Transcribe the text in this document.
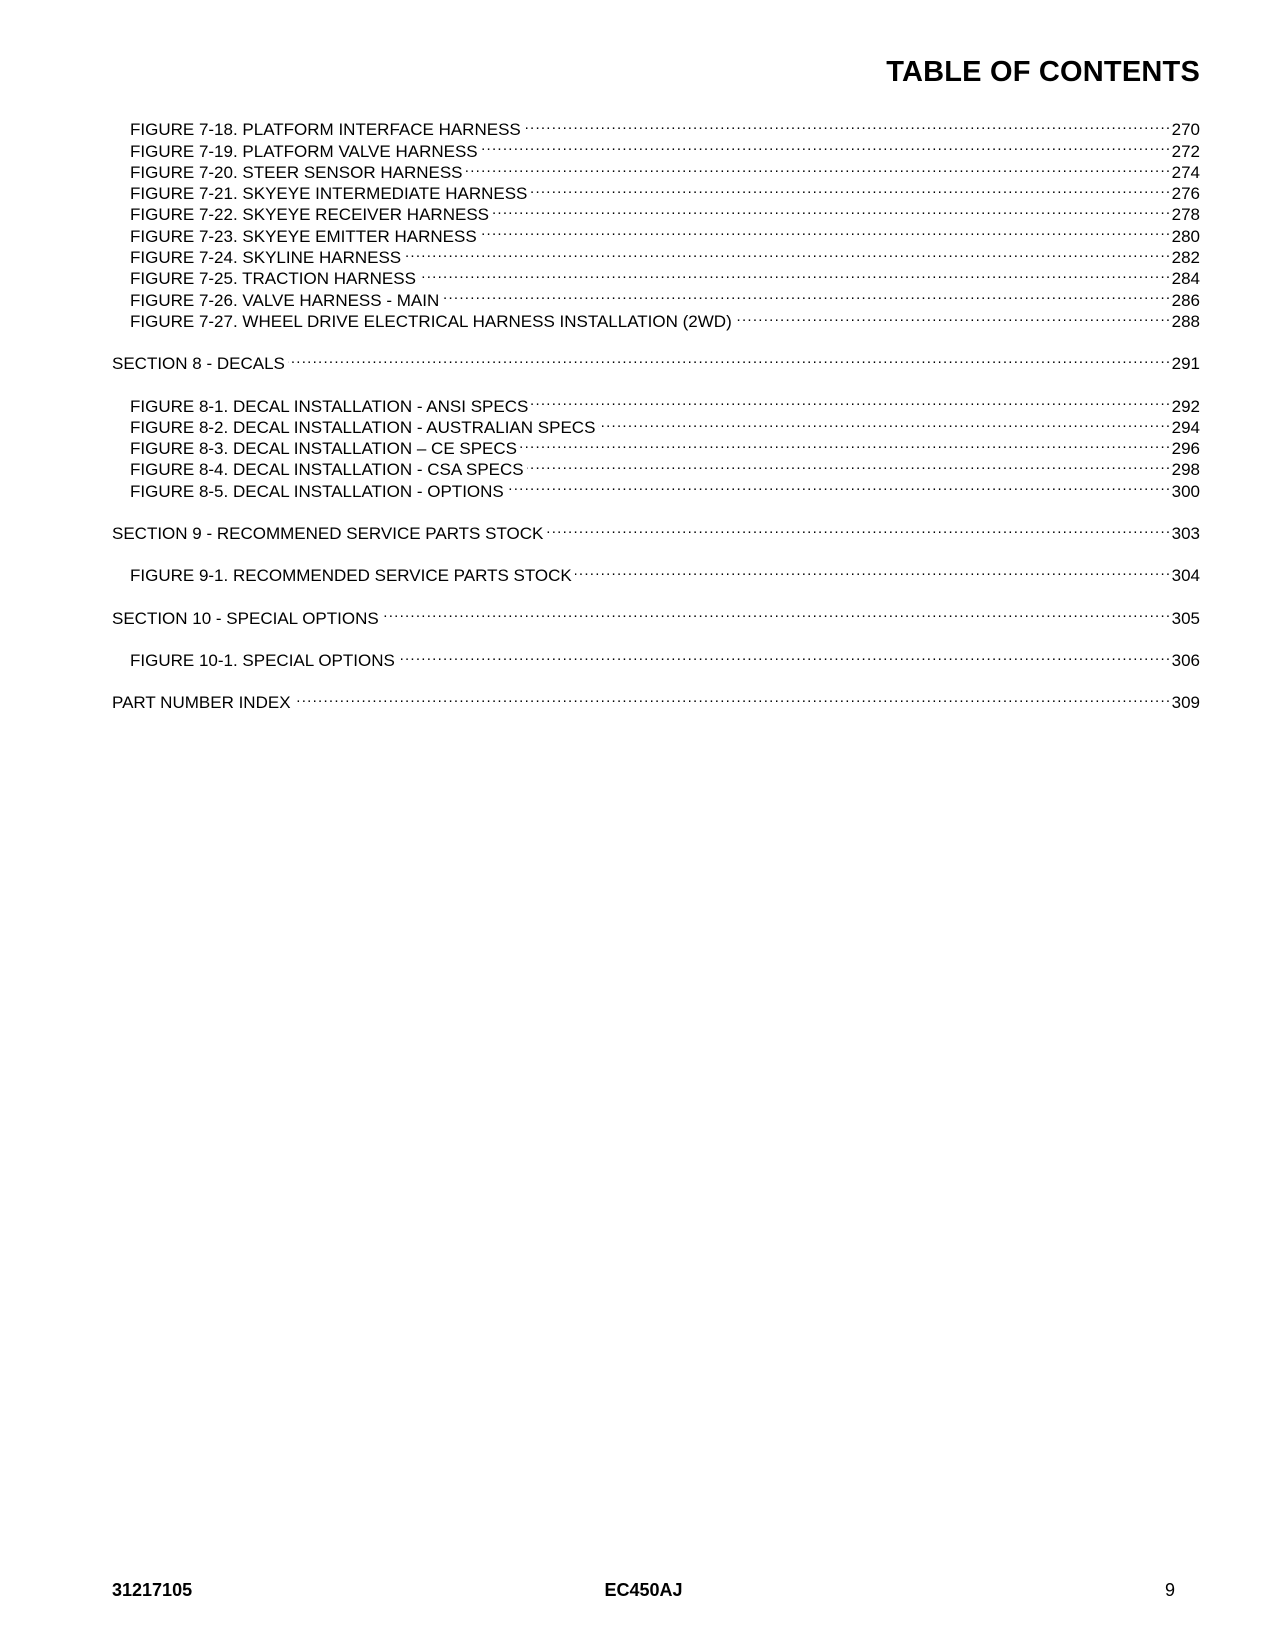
TABLE OF CONTENTS
FIGURE 7-18. PLATFORM INTERFACE HARNESS . . .	270
FIGURE 7-19. PLATFORM VALVE HARNESS . . .	272
FIGURE 7-20. STEER SENSOR HARNESS . . .	274
FIGURE 7-21. SKYEYE INTERMEDIATE HARNESS . . .	276
FIGURE 7-22. SKYEYE RECEIVER HARNESS . . .	278
FIGURE 7-23. SKYEYE EMITTER HARNESS . . .	280
FIGURE 7-24. SKYLINE HARNESS . . .	282
FIGURE 7-25. TRACTION HARNESS . . .	284
FIGURE 7-26. VALVE HARNESS - MAIN . . .	286
FIGURE 7-27. WHEEL DRIVE ELECTRICAL HARNESS INSTALLATION (2WD) . . .	288
SECTION 8 - DECALS . . .	291
FIGURE 8-1. DECAL INSTALLATION - ANSI SPECS . . .	292
FIGURE 8-2. DECAL INSTALLATION - AUSTRALIAN SPECS . . .	294
FIGURE 8-3. DECAL INSTALLATION – CE SPECS . . .	296
FIGURE 8-4. DECAL INSTALLATION - CSA SPECS . . .	298
FIGURE 8-5. DECAL INSTALLATION - OPTIONS . . .	300
SECTION 9 - RECOMMENED SERVICE PARTS STOCK . . .	303
FIGURE 9-1. RECOMMENDED SERVICE PARTS STOCK . . .	304
SECTION 10 - SPECIAL OPTIONS . . .	305
FIGURE 10-1. SPECIAL OPTIONS . . .	306
PART NUMBER INDEX . . .	309
31217105	EC450AJ	9
